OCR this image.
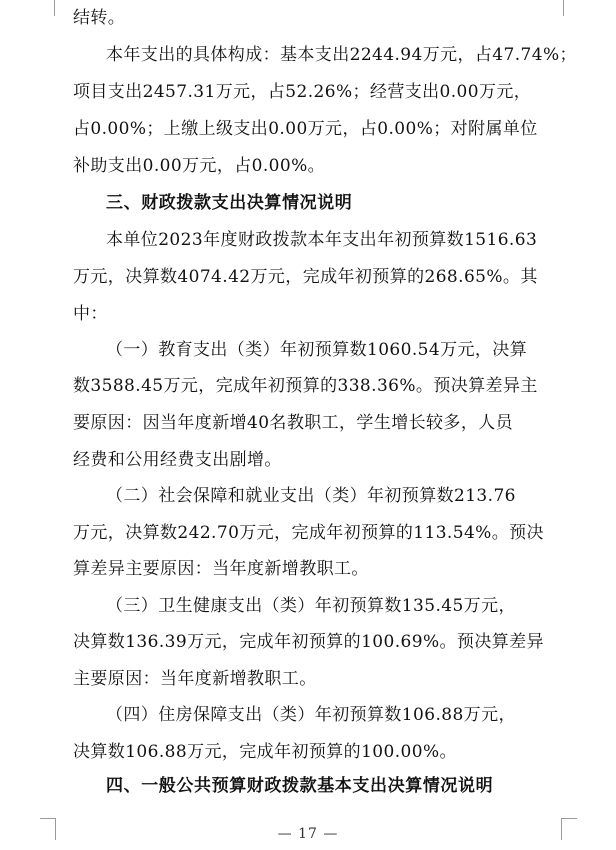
结转。
本年支出的具体构成：基本支出2244.94万元，占47.74%；
项目支出2457.31万元，占52.26%；经营支出0.00万元，
占0.00%；上缴上级支出0.00万元，占0.00%；对附属单位
补助支出0.00万元，占0.00%。
三、财政拨款支出决算情况说明
本单位2023年度财政拨款本年支出年初预算数1516.63
万元，决算数4074.42万元，完成年初预算的268.65%。其
中：
（一）教育支出（类）年初预算数1060.54万元，决算
数3588.45万元，完成年初预算的338.36%。预决算差异主
要原因：因当年度新增40名教职工，学生增长较多，人员
经费和公用经费支出剧增。
（二）社会保障和就业支出（类）年初预算数213.76
万元，决算数242.70万元，完成年初预算的113.54%。预决
算差异主要原因：当年度新增教职工。
（三）卫生健康支出（类）年初预算数135.45万元，
决算数136.39万元，完成年初预算的100.69%。预决算差异
主要原因：当年度新增教职工。
（四）住房保障支出（类）年初预算数106.88万元，
决算数106.88万元，完成年初预算的100.00%。
四、一般公共预算财政拨款基本支出决算情况说明
— 17 —
